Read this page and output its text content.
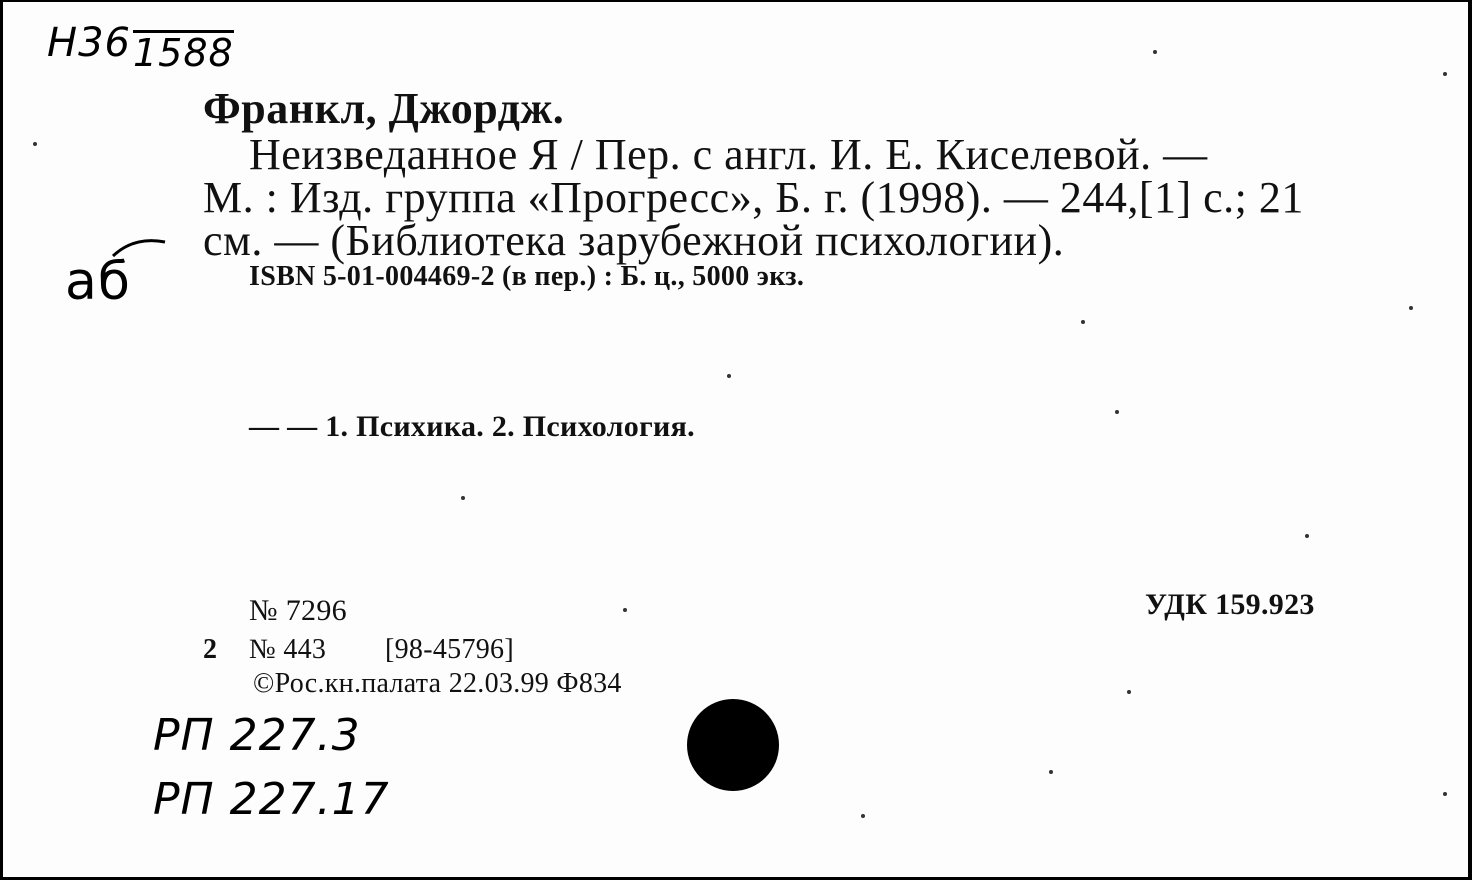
H361588
аб
Франкл, Джордж.
Неизведанное Я / Пер. с англ. И. Е. Киселевой. —
М. : Изд. группа «Прогресс», Б. г. (1998). — 244,[1] с.; 21
см. — (Библиотека зарубежной психологии).
ISBN 5-01-004469-2 (в пер.) : Б. ц., 5000 экз.
— — 1. Психика. 2. Психология.
№ 7296	УДК 159.923
2 № 443 [98-45796]
©Рос.кн.палата 22.03.99 Ф834
РП 227.3
РП 227.17
